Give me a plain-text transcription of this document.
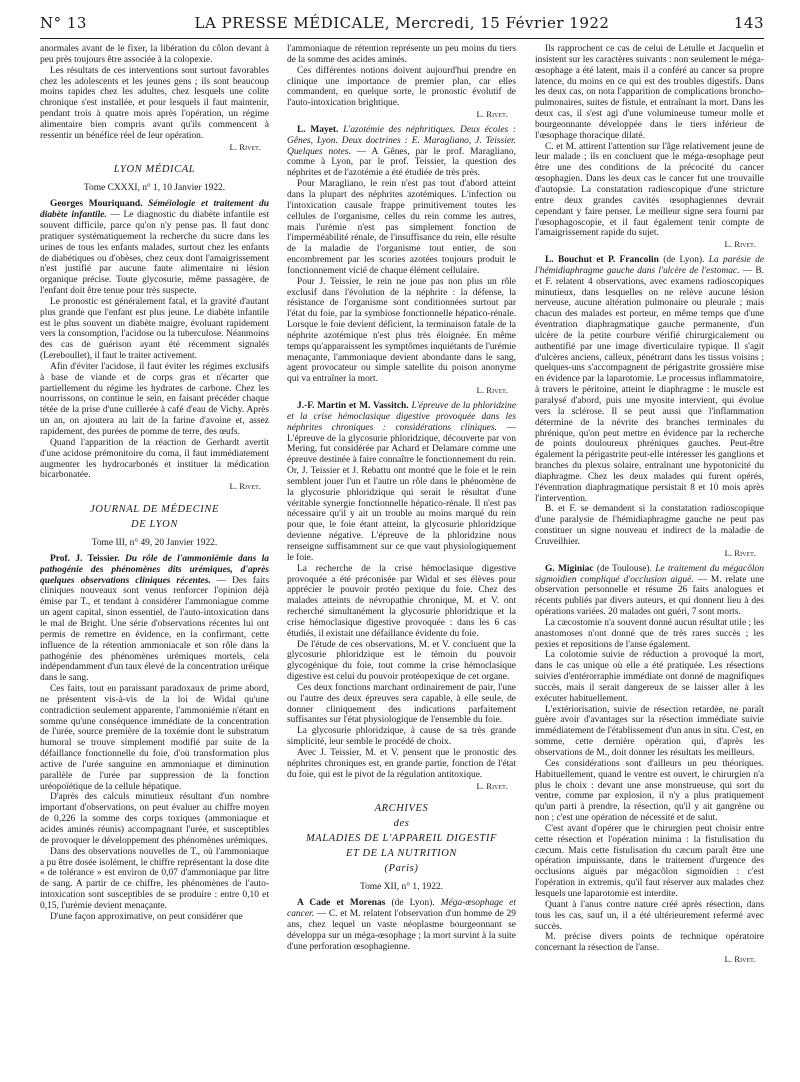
N° 13	LA PRESSE MÉDICALE, Mercredi, 15 Février 1922	143

anormales avant de le fixer, la libération du côlon devant à peu près toujours être associée à la colopexie.

Les résultats de ces interventions sont surtout favorables chez les adolescents et les jeunes gens ; ils sont beaucoup moins rapides chez les adultes, chez lesquels une colite chronique s'est installée, et pour lesquels il faut maintenir, pendant trois à quatre mois après l'opération, un régime alimentaire bien compris avant qu'ils commencent à ressentir un bénéfice réel de leur opération.

L. Rivet.
LYON MÉDICAL
Tome CXXXI, n° 1, 10 Janvier 1922.

Georges Mouriquand. Séméiologie et traitement du diabète infantile. — Le diagnostic du diabète infantile est souvent difficile, parce qu'on n'y pense pas. Il faut donc pratiquer systématiquement la recherche du sucre dans les urines de tous les enfants malades, surtout chez les enfants de diabétiques ou d'obèses, chez ceux dont l'amaigrissement n'est justifié par aucune faute alimentaire ni lésion organique précise. Toute glycosurie, même passagère, de l'enfant doit être tenue pour très suspecte.

Le pronostic est généralement fatal, et la gravité d'autant plus grande que l'enfant est plus jeune. Le diabète infantile est le plus souvent un diabète maigre, évoluant rapidement vers la consomption, l'acidose ou la tuberculose. Néanmoins des cas de guérison ayant été récemment signalés (Lereboullet), il faut le traiter activement.

Afin d'éviter l'acidose, il faut éviter les régimes exclusifs à base de viande et de corps gras et n'écarter que partiellement du régime les hydrates de carbone. Chez les nourrissons, on continue le sein, en faisant précéder chaque tétée de la prise d'une cuillerée à café d'eau de Vichy. Après un an, on ajoutera au lait de la farine d'avoine et, assez rapidement, des purées de pomme de terre, des œufs.

Quand l'apparition de la réaction de Gerhardt avertit d'une acidose prémonitoire du coma, il faut immédiatement augmenter les hydrocarbonés et instituer la médication bicarbonatée.

L. Rivet.
JOURNAL DE MÉDECINE
DE LYON
Tome III, n° 49, 20 Janvier 1922.

Prof. J. Teissier. Du rôle de l'ammoniémie dans la pathogénie des phénomènes dits urémiques, d'après quelques observations cliniques récentes. — Des faits cliniques nouveaux sont venus renforcer l'opinion déjà émise par T., et tendant à considérer l'ammoniague comme un agent capital, sinon essentiel, de l'auto-intoxication dans le mal de Bright. Une série d'observations récentes lui ont permis de remettre en évidence, en la confirmant, cette influence de la rétention ammoniacale et son rôle dans la pathogénie des phénomènes urémiques mortels, cela indépendamment d'un taux élevé de la concentration uréique dans le sang.

Ces faits, tout en paraissant paradoxaux de prime abord, ne présentent vis-à-vis de la loi de Widal qu'une contradiction seulement apparente, l'ammoniémie n'étant en somme qu'une conséquence immédiate de la concentration de l'urée, source première de la toxémie dont le substratum humoral se trouve simplement modifié par suite de la défaillance fonctionnelle du foie, d'où transformation plus active de l'urée sanguine en ammoniaque et diminution parallèle de l'urée par suppression de la fonction uréopoïétique de la cellule hépatique.

D'après des calculs minutieux résultant d'un nombre important d'observations, on peut évaluer au chiffre moyen de 0,226 la somme des corps toxiques (ammoniaque et acides aminés réunis) accompagnant l'urée, et susceptibles de provoquer le développement des phénomènes urémiques.

Dans des observations nouvelles de T., où l'ammoniaque a pu être dosée isolément, le chiffre représentant la dose dite « de tolérance » est environ de 0,07 d'ammoniaque par litre de sang. A partir de ce chiffre, les phénomènes de l'auto-intoxication sont susceptibles de se produire : entre 0,10 et 0,15, l'urémie devient menaçante.

D'une façon approximative, on peut considérer que

l'ammoniaque de rétention représente un peu moins du tiers de la somme des acides aminés.

Ces différentes notions doivent aujourd'hui prendre en clinique une importance de premier plan, car elles commandent, en quelque sorte, le pronostic évolutif de l'auto-intoxication brightique.

L. Rivet.

L. Mayet. L'azotémie des néphritiques. Deux écoles : Gênes, Lyon. Deux doctrines : E. Maragliano, J. Teissier. Quelques notes. — A Gênes, par le prof. Maragliano, comme à Lyon, par le prof. Teissier, la question des néphrites et de l'azotémie a été étudiée de très près.

Pour Maragliano, le rein n'est pas tout d'abord atteint dans la plupart des néphrites azotémiques. L'infection ou l'intoxication causale frappe primitivement toutes les cellules de l'organisme, celles du rein comme les autres, mais l'urémie n'est pas simplement fonction de l'imperméabilité rénale, de l'insuffisance du rein, elle résulte de la maladie de l'organisme tout entier, de son encombrement par les scories azotées toujours produit le fonctionnement vicié de chaque élément cellulaire.

Pour J. Teissier, le rein ne joue pas non plus un rôle exclusif dans l'évolution de la néphrite : la défense, la résistance de l'organisme sont conditionnées surtout par l'état du foie, par la symbiose fonctionnelle hépatico-rénale. Lorsque le foie devient déficient, la terminaison fatale de la néphrite azotémique n'est plus très éloignée. En même temps qu'apparaissent les symptômes inquiétants de l'urémie menaçante, l'ammoniaque devient abondante dans le sang, agent provocateur ou simple satellite du poison anonyme qui va entraîner la mort.

L. Rivet.

J.-F. Martin et M. Vassitch. L'épreuve de la phloridzine et la crise hémoclasique digestive provoquée dans les néphrites chroniques : considérations cliniques. — L'épreuve de la glycosurie phloridzique, découverte par von Mering, fut considérée par Achard et Delamare comme une épreuve destinée à faire connaître le fonctionnement du rein. Or, J. Teissier et J. Rebattu ont montré que le foie et le rein semblent jouer l'un et l'autre un rôle dans le phénomène de la glycosurie phloridzique qui serait le résultat d'une véritable synergie fonctionnelle hépatico-rénale. Il n'est pas nécessaire qu'il y ait un trouble au moins marqué du rein pour que, le foie étant atteint, la glycosurie phloridzique devienne négative. L'épreuve de la phloridzine nous renseigne suffisamment sur ce que vaut physiologiquement le foie.

La recherche de la crise hémoclasique digestive provoquée a été préconisée par Widal et ses élèves pour apprécier le pouvoir protéo pexique du foie. Chez des malades atteints de névropathie chronique, M. et V. ont recherché simultanément la glycosurie phloridzique et la crise hémoclasique digestive provoquée : dans les 6 cas étudiés, il existait une défaillance évidente du foie.

De l'étude de ces observations, M. et V. concluent que la glycosurie phloridzique est le témoin du pouvoir glycogénique du foie, tout comme la crise hémoclasique digestive est celui du pouvoir protéopexique de cet organe.

Ces deux fonctions marchant ordinairement de pair, l'une ou l'autre des deux épreuves sera capable, à elle seule, de donner cliniquement des indications parfaitement suffisantes sur l'état physiologique de l'ensemble du foie.

La glycosurie phloridzique, à cause de sa très grande simplicité, leur semble le procédé de choix.

Avec J. Teissier, M. et V. pensent que le pronostic des néphrites chroniques est, en grande partie, fonction de l'état du foie, qui est le pivot de la régulation antitoxique.

L. Rivet.
ARCHIVES
des
MALADIES DE L'APPAREIL DIGESTIF
ET DE LA NUTRITION
(Paris)
Tome XII, n° 1, 1922.

A Cade et Morenas (de Lyon). Méga-œsophage et cancer. — C. et M. relatent l'observation d'un homme de 29 ans, chez lequel un vaste néoplasme bourgeonnant se développa sur un méga-œsophage ; la mort survint à la suite d'une perforation œsophagienne.

Ils rapprochent ce cas de celui de Letulle et Jacquelin et insistent sur les caractères suivants : non seulement le méga-œsophage a été latent, mais il a conféré au cancer sa propre latence, du moins en ce qui est des troubles digestifs. Dans les deux cas, on nota l'apparition de complications broncho-pulmonaires, suites de fistule, et entraînant la mort. Dans les deux cas, il s'est agi d'une volumineuse tumeur molle et bourgeonnante développée dans le tiers inférieur de l'œsophage thoracique dilaté.

C. et M. attirent l'attention sur l'âge relativement jeune de leur malade ; ils en concluent que le méga-œsophage peut être une des conditions de la précocité du cancer œsophagien. Dans les deux cas le cancer fut une trouvaille d'autopsie. La constatation radioscopique d'une stricture entre deux grandes cavités œsophagiennes devrait cependant y faire penser. Le meilleur signe sera fourni par l'œsophagoscopie, et il faut également tenir compte de l'amaigrissement rapide du sujet.

L. Rivet.

L. Bouchut et P. Francolin (de Lyon). La parésie de l'hémidiaphragme gauche dans l'ulcère de l'estomac. — B. et F. relatent 4 observations, avec examens radioscopiques minutieux, dans lesquelles on ne relève aucune lésion nerveuse, aucune altération pulmonaire ou pleurale ; mais chacun des malades est porteur, en même temps que d'une éventration diaphragmatique gauche permanente, d'un ulcère de la petite courbure vérifié chirurgicalement ou authentifié par une image diverticulaire typique. Il s'agit d'ulcères anciens, calleux, pénétrant dans les tissus voisins ; quelques-uns s'accompagnent de périgastrite grossière mise en évidence par la laparotomie. Le processus inflammatoire, à travers le péritoine, atteint le diaphragme : le muscle est paralysé d'abord, puis une myosite intervient, qui évolue vers la sclérose. Il se peut aussi que l'inflammation détermine de la névrite des branches terminales du phrénique, qu'on peut mettre en évidence par la recherche de points douloureux phréniques gauches. Peut-être également la périgastrite peut-elle intéresser les ganglions et branches du plexus solaire, entraînant une hypotonicité du diaphragme. Chez les deux malades qui furent opérés, l'éventration diaphragmatique persistait 8 et 10 mois après l'intervention.

B. et F. se demandent si la constatation radioscopique d'une paralysie de l'hémidiaphragme gauche ne peut pas constituer un signe nouveau et indirect de la maladie de Cruveilhier.

L. Rivet.

G. Miginiac (de Toulouse). Le traitement du mégacôlon sigmoïdien compliqué d'occlusion aiguë. — M. relate une observation personnelle et résume 26 faits analogues et récents publiés par divers auteurs, et qui donnent lieu à des opérations variées. 20 malades ont guéri, 7 sont morts.

La cæcostomie n'a souvent donné aucun résultat utile ; les anastomoses n'ont donné que de très rares succès ; les pexies et repositions de l'anse également.

La colotomie suivie de réduction a provoqué la mort, dans le cas unique où elle a été pratiquée. Les résections suivies d'entérorraphie immédiate ont donné de magnifiques succès, mais il serait dangereux de se laisser aller à les exécuter habituellement.

L'extériorisation, suivie de résection retardée, ne paraît guère avoir d'avantages sur la résection immédiate suivie immédiatement de l'établissement d'un anus in situ. C'est, en somme, cette dernière opération qui, d'après les observations de M., doit donner les résultats les meilleurs.

Ces considérations sont d'ailleurs un peu théoriques. Habituellement, quand le ventre est ouvert, le chirurgien n'a plus le choix : devant une anse monstrueuse, qui sort du ventre, comme par explosion, il n'y a plus pratiquement qu'un parti à prendre, la résection, qu'il y ait gangrène ou non ; c'est une opération de nécessité et de salut.

C'est avant d'opérer que le chirurgien peut choisir entre cette résection et l'opération minima : la fistulisation du cæcum. Mais cette fistulisation du cæcum paraît être une opération impuissante, dans le traitement d'urgence des occlusions aiguës par mégacôlon sigmoïdien : c'est l'opération in extremis, qu'il faut réserver aux malades chez lesquels une laparotomie est interdite.

Quant à l'anus contre nature créé après résection, dans tous les cas, sauf un, il a été ultérieurement refermé avec succès.

M. précise divers points de technique opératoire concernant la résection de l'anse.

L. Rivet.
